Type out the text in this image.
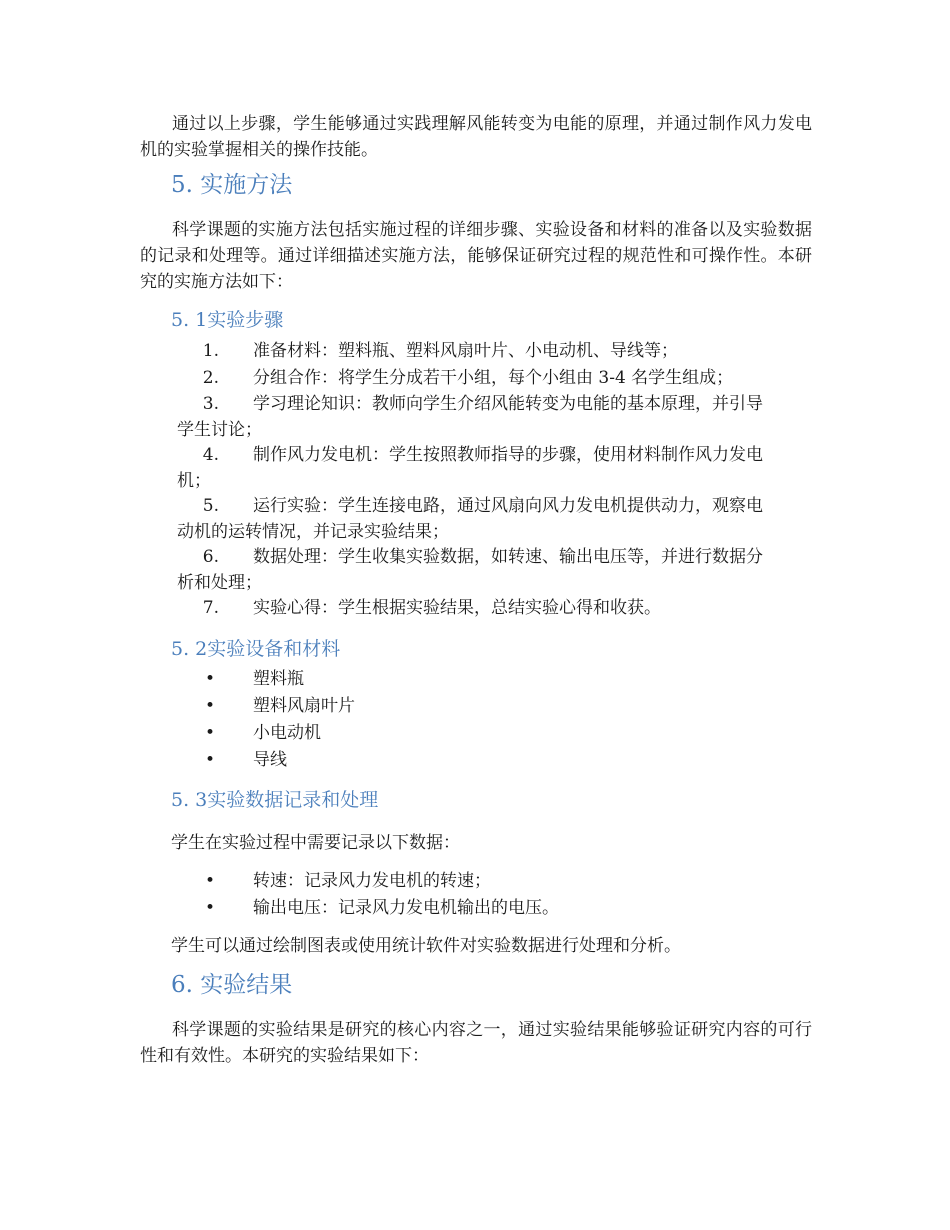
通过以上步骤，学生能够通过实践理解风能转变为电能的原理，并通过制作风力发电机的实验掌握相关的操作技能。

5. 实施方法

科学课题的实施方法包括实施过程的详细步骤、实验设备和材料的准备以及实验数据的记录和处理等。通过详细描述实施方法，能够保证研究过程的规范性和可操作性。本研究的实施方法如下：

5. 1实验步骤
1. 准备材料：塑料瓶、塑料风扇叶片、小电动机、导线等；
2. 分组合作：将学生分成若干小组，每个小组由 3-4 名学生组成；
3. 学习理论知识：教师向学生介绍风能转变为电能的基本原理，并引导
学生讨论；
4. 制作风力发电机：学生按照教师指导的步骤，使用材料制作风力发电
机；
5. 运行实验：学生连接电路，通过风扇向风力发电机提供动力，观察电
动机的运转情况，并记录实验结果；
6. 数据处理：学生收集实验数据，如转速、输出电压等，并进行数据分
析和处理；
7. 实验心得：学生根据实验结果，总结实验心得和收获。
5. 2实验设备和材料
• 塑料瓶
• 塑料风扇叶片
• 小电动机
• 导线
5. 3实验数据记录和处理

学生在实验过程中需要记录以下数据：

• 转速：记录风力发电机的转速；
• 输出电压：记录风力发电机输出的电压。

学生可以通过绘制图表或使用统计软件对实验数据进行处理和分析。

6. 实验结果

科学课题的实验结果是研究的核心内容之一，通过实验结果能够验证研究内容的可行性和有效性。本研究的实验结果如下：
